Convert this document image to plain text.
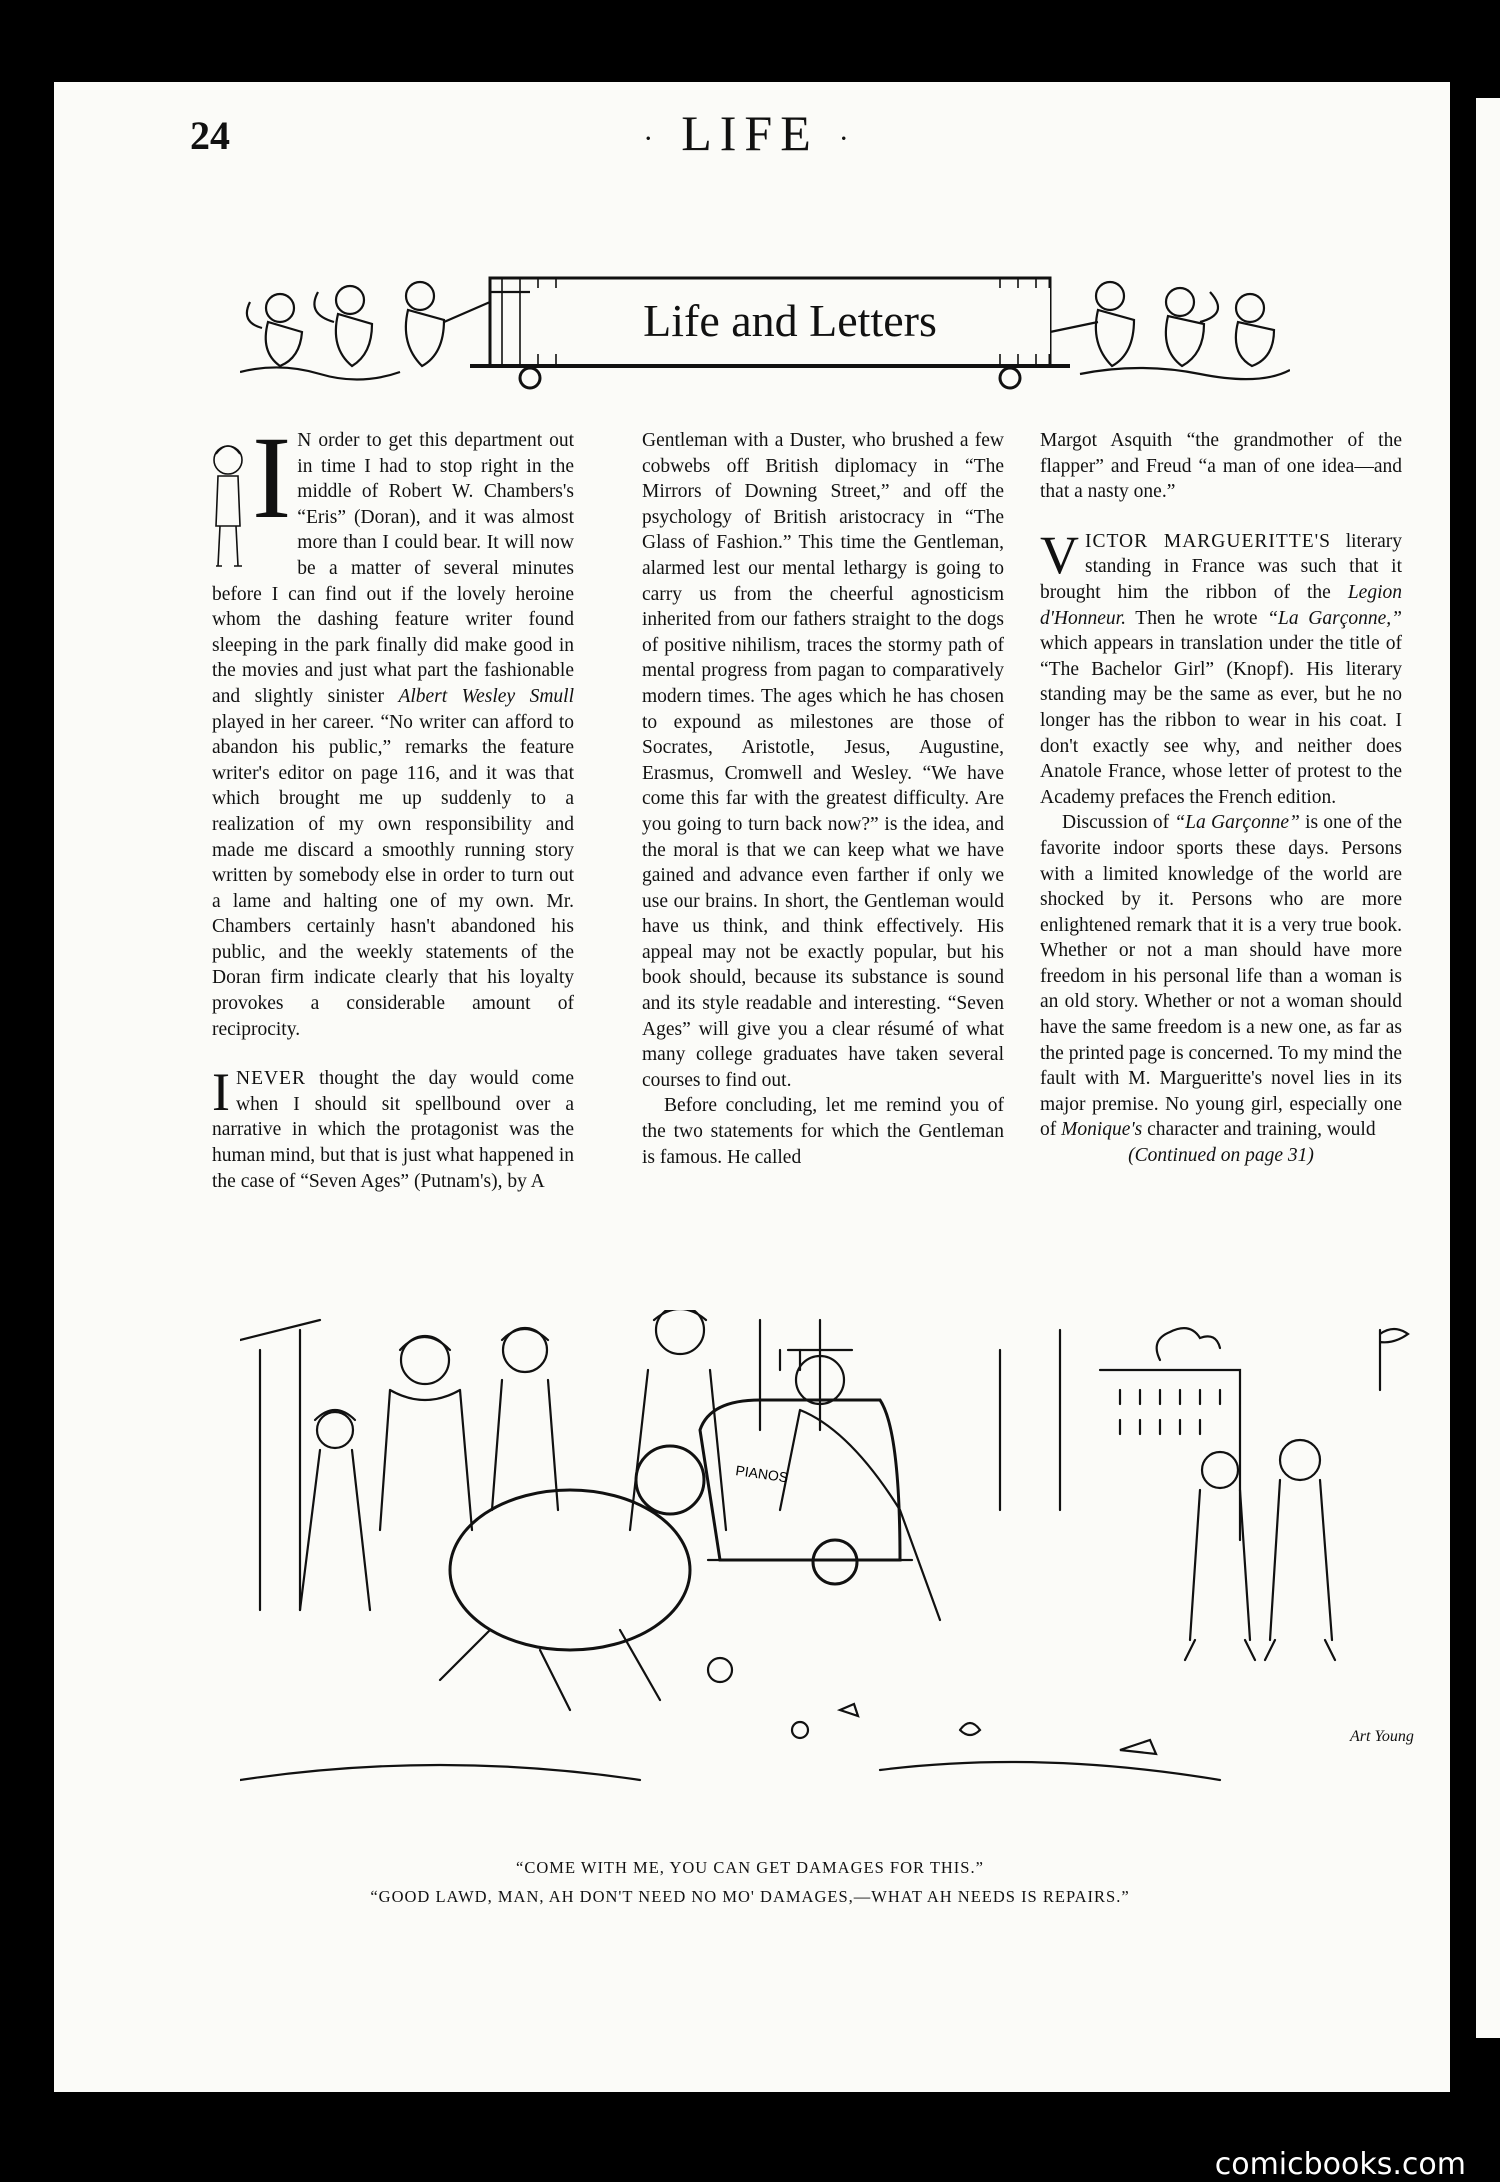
24	· LIFE ·
Life and Letters

I N order to get this department out in time I had to stop right in the middle of Robert W. Chambers's “Eris” (Doran), and it was almost more than I could bear. It will now be a matter of several minutes before I can find out if the lovely heroine whom the dashing feature writer found sleeping in the park finally did make good in the movies and just what part the fashionable and slightly sinister Albert Wesley Smull played in her career. “No writer can afford to abandon his public,” remarks the feature writer's editor on page 116, and it was that which brought me up suddenly to a realization of my own responsibility and made me discard a smoothly running story written by somebody else in order to turn out a lame and halting one of my own. Mr. Chambers certainly hasn't abandoned his public, and the weekly statements of the Doran firm indicate clearly that his loyalty provokes a considerable amount of reciprocity.

INEVER thought the day would come when I should sit spellbound over a narrative in which the protagonist was the human mind, but that is just what happened in the case of “Seven Ages” (Putnam's), by A

Gentleman with a Duster, who brushed a few cobwebs off British diplomacy in “The Mirrors of Downing Street,” and off the psychology of British aristocracy in “The Glass of Fashion.” This time the Gentleman, alarmed lest our mental lethargy is going to carry us from the cheerful agnosticism inherited from our fathers straight to the dogs of positive nihilism, traces the stormy path of mental progress from pagan to comparatively modern times. The ages which he has chosen to expound as milestones are those of Socrates, Aristotle, Jesus, Augustine, Erasmus, Cromwell and Wesley. “We have come this far with the greatest difficulty. Are you going to turn back now?” is the idea, and the moral is that we can keep what we have gained and advance even farther if only we use our brains. In short, the Gentleman would have us think, and think effectively. His appeal may not be exactly popular, but his book should, because its substance is sound and its style readable and interesting. “Seven Ages” will give you a clear résumé of what many college graduates have taken several courses to find out.

Before concluding, let me remind you of the two statements for which the Gentleman is famous. He called

Margot Asquith “the grandmother of the flapper” and Freud “a man of one idea—and that a nasty one.”

VICTOR MARGUERITTE'S literary standing in France was such that it brought him the ribbon of the Legion d'Honneur. Then he wrote “La Garçonne,” which appears in translation under the title of “The Bachelor Girl” (Knopf). His literary standing may be the same as ever, but he no longer has the ribbon to wear in his coat. I don't exactly see why, and neither does Anatole France, whose letter of protest to the Academy prefaces the French edition.

Discussion of “La Garçonne” is one of the favorite indoor sports these days. Persons with a limited knowledge of the world are shocked by it. Persons who are more enlightened remark that it is a very true book. Whether or not a man should have more freedom in his personal life than a woman is an old story. Whether or not a woman should have the same freedom is a new one, as far as the printed page is concerned. To my mind the fault with M. Margueritte's novel lies in its major premise. No young girl, especially one of Monique's character and training, would

(Continued on page 31)

PIANOS
Art Young
“COME WITH ME, YOU CAN GET DAMAGES FOR THIS.”
“GOOD LAWD, MAN, AH DON'T NEED NO MO' DAMAGES,—WHAT AH NEEDS IS REPAIRS.”
comicbooks.com
